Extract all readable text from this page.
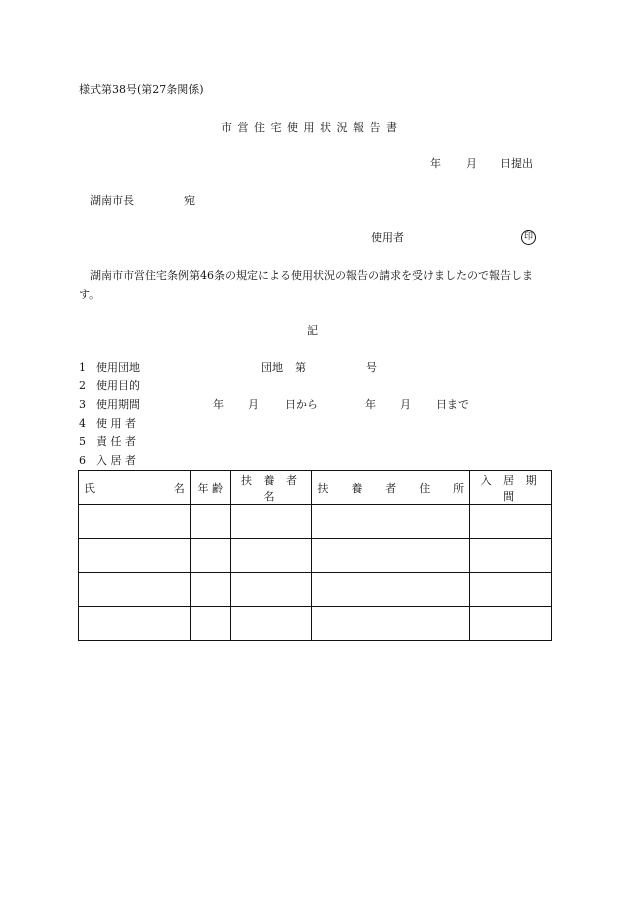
様式第38号(第27条関係)
市 営 住 宅 使 用 状 況 報 告 書
年 月 日提出
湖南市長	宛
使用者	印
湖南市市営住宅条例第46条の規定による使用状況の報告の請求を受けましたので報告します。
記
1 使用団地	団地 第	号
2 使用目的
3 使用期間	年 月 日から	年 月 日まで
4 使 用 者
5 責 任 者
6 入 居 者
氏 名	年 齢	扶 養 者 名	扶 養 者 住 所	入 居 期 間
